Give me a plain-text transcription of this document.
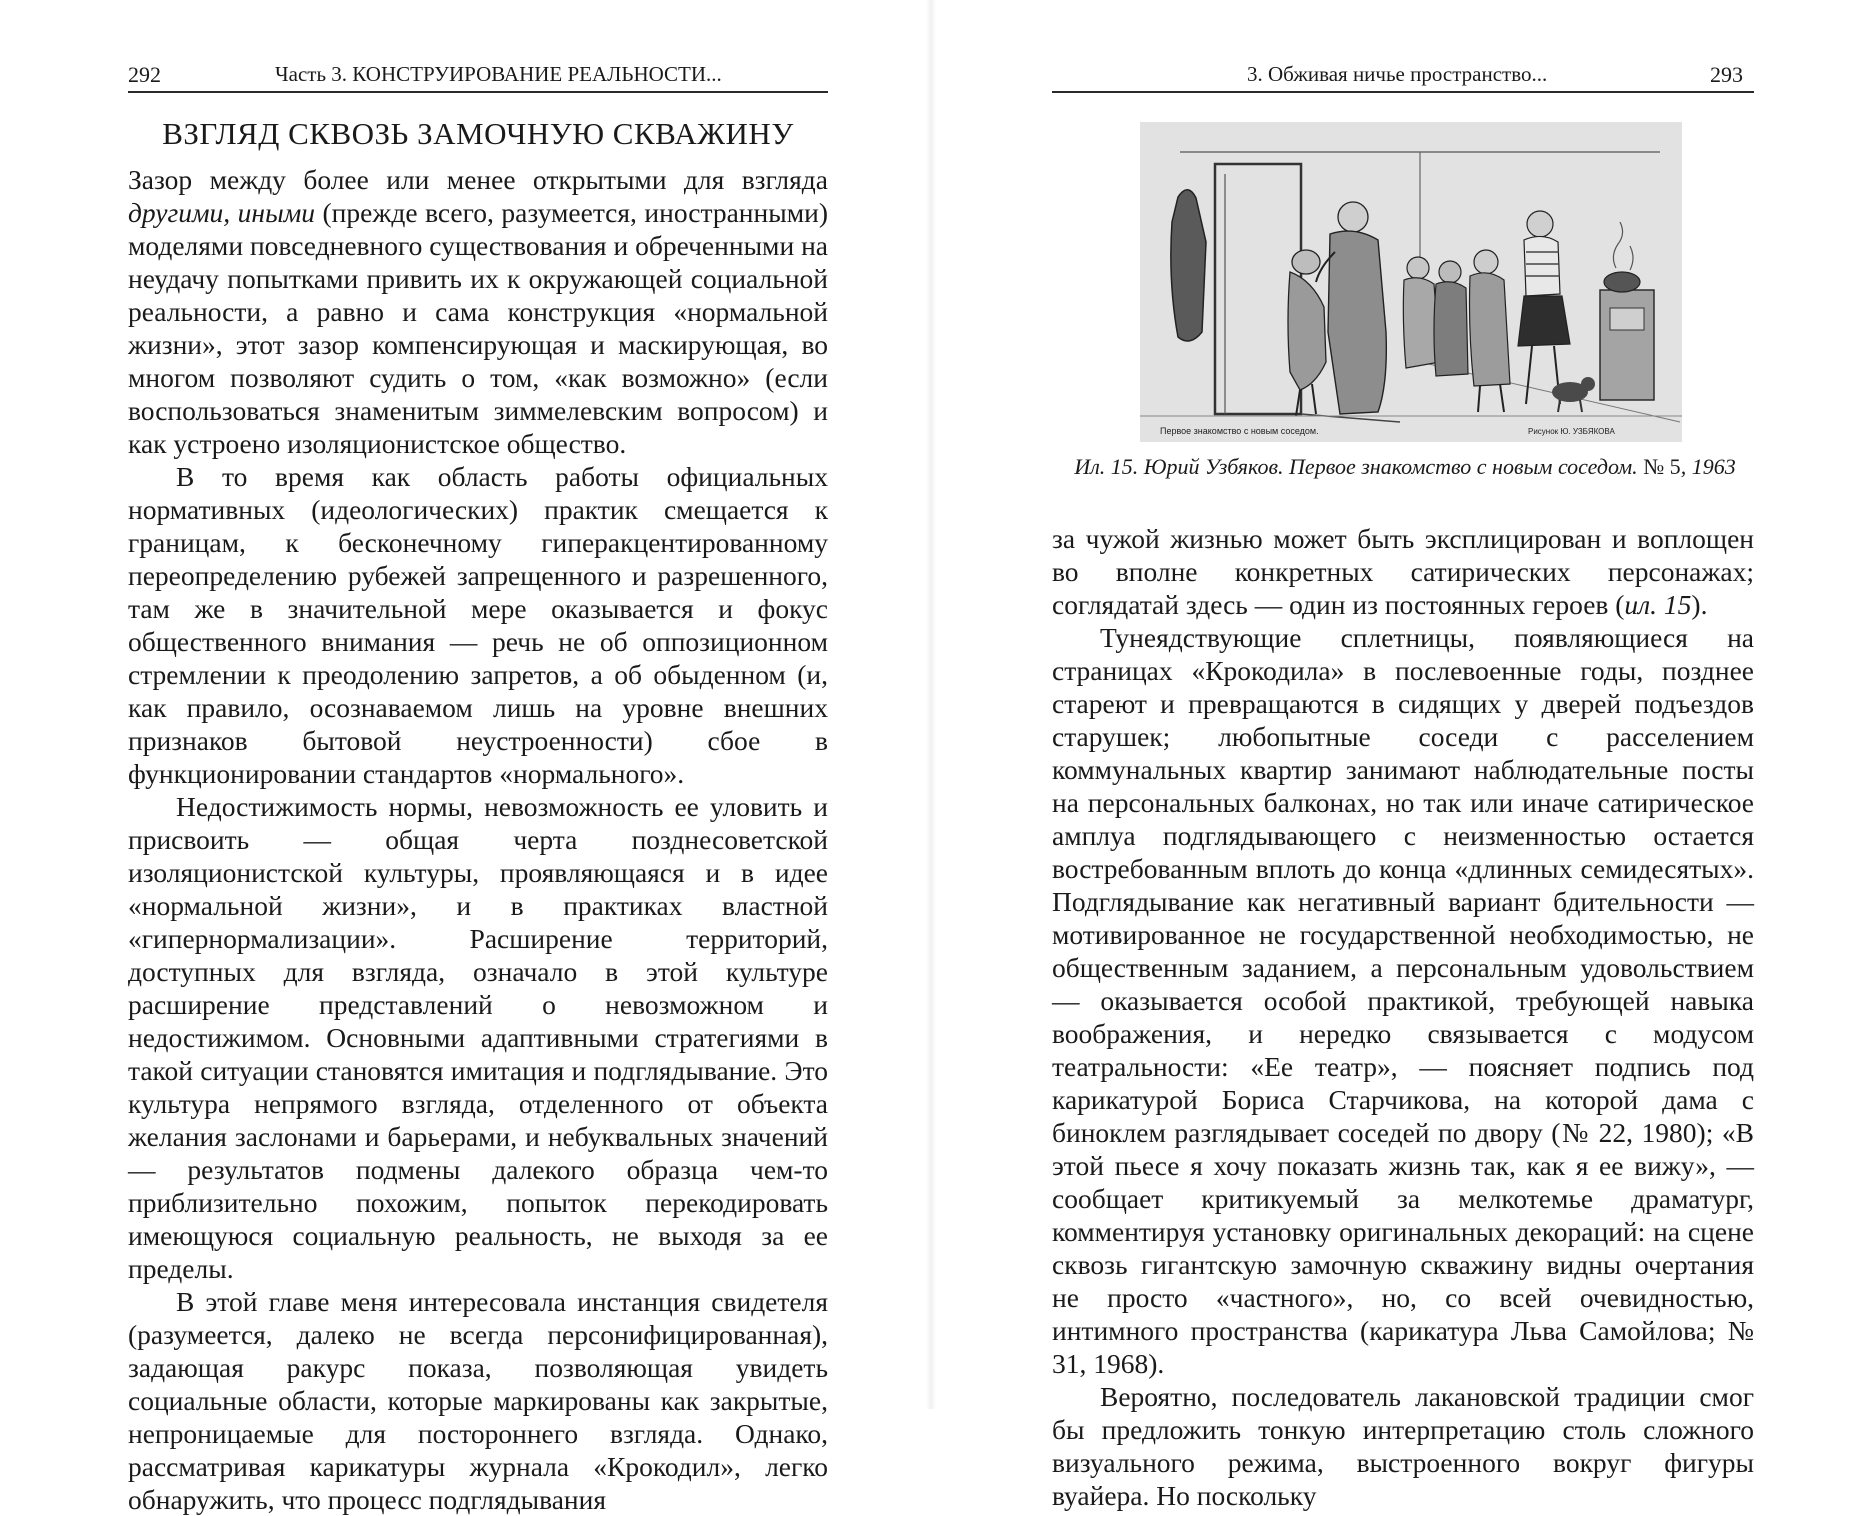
292	Часть 3. КОНСТРУИРОВАНИЕ РЕАЛЬНОСТИ...
ВЗГЛЯД СКВОЗЬ ЗАМОЧНУЮ СКВАЖИНУ

Зазор между более или менее открытыми для взгляда другими, иными (прежде всего, разумеется, иностранными) моделями повседневного существования и обреченными на неудачу попытками привить их к окружающей социальной реальности, а равно и сама конструкция «нормальной жизни», этот зазор компенсирующая и маскирующая, во многом позволяют судить о том, «как возможно» (если воспользоваться знаменитым зиммелевским вопросом) и как устроено изоляционистское общество.

В то время как область работы официальных нормативных (идеологических) практик смещается к границам, к бесконечному гиперакцентированному переопределению рубежей запрещенного и разрешенного, там же в значительной мере оказывается и фокус общественного внимания — речь не об оппозиционном стремлении к преодолению запретов, а об обыденном (и, как правило, осознаваемом лишь на уровне внешних признаков бытовой неустроенности) сбое в функционировании стандартов «нормального».

Недостижимость нормы, невозможность ее уловить и присвоить — общая черта позднесоветской изоляционистской культуры, проявляющаяся и в идее «нормальной жизни», и в практиках властной «гипернормализации». Расширение территорий, доступных для взгляда, означало в этой культуре расширение представлений о невозможном и недостижимом. Основными адаптивными стратегиями в такой ситуации становятся имитация и подглядывание. Это культура непрямого взгляда, отделенного от объекта желания заслонами и барьерами, и небуквальных значений — результатов подмены далекого образца чем-то приблизительно похожим, попыток перекодировать имеющуюся социальную реальность, не выходя за ее пределы.

В этой главе меня интересовала инстанция свидетеля (разумеется, далеко не всегда персонифицированная), задающая ракурс показа, позволяющая увидеть социальные области, которые маркированы как закрытые, непроницаемые для постороннего взгляда. Однако, рассматривая карикатуры журнала «Крокодил», легко обнаружить, что процесс подглядывания

3. Обживая ничье пространство...	293
Первое знакомство с новым соседом.	Рисунок Ю. УЗБЯКОВА
Ил. 15. Юрий Узбяков. Первое знакомство с новым соседом. № 5, 1963

за чужой жизнью может быть эксплицирован и воплощен во вполне конкретных сатирических персонажах; соглядатай здесь — один из постоянных героев (ил. 15).

Тунеядствующие сплетницы, появляющиеся на страницах «Крокодила» в послевоенные годы, позднее стареют и превращаются в сидящих у дверей подъездов старушек; любопытные соседи с расселением коммунальных квартир занимают наблюдательные посты на персональных балконах, но так или иначе сатирическое амплуа подглядывающего с неизменностью остается востребованным вплоть до конца «длинных семидесятых». Подглядывание как негативный вариант бдительности — мотивированное не государственной необходимостью, не общественным заданием, а персональным удовольствием — оказывается особой практикой, требующей навыка воображения, и нередко связывается с модусом театральности: «Ее театр», — поясняет подпись под карикатурой Бориса Старчикова, на которой дама с биноклем разглядывает соседей по двору (№ 22, 1980); «В этой пьесе я хочу показать жизнь так, как я ее вижу», — сообщает критикуемый за мелкотемье драматург, комментируя установку оригинальных декораций: на сцене сквозь гигантскую замочную скважину видны очертания не просто «частного», но, со всей очевидностью, интимного пространства (карикатура Льва Самойлова; № 31, 1968).

Вероятно, последователь лакановской традиции смог бы предложить тонкую интерпретацию столь сложного визуального режима, выстроенного вокруг фигуры вуайера. Но поскольку
